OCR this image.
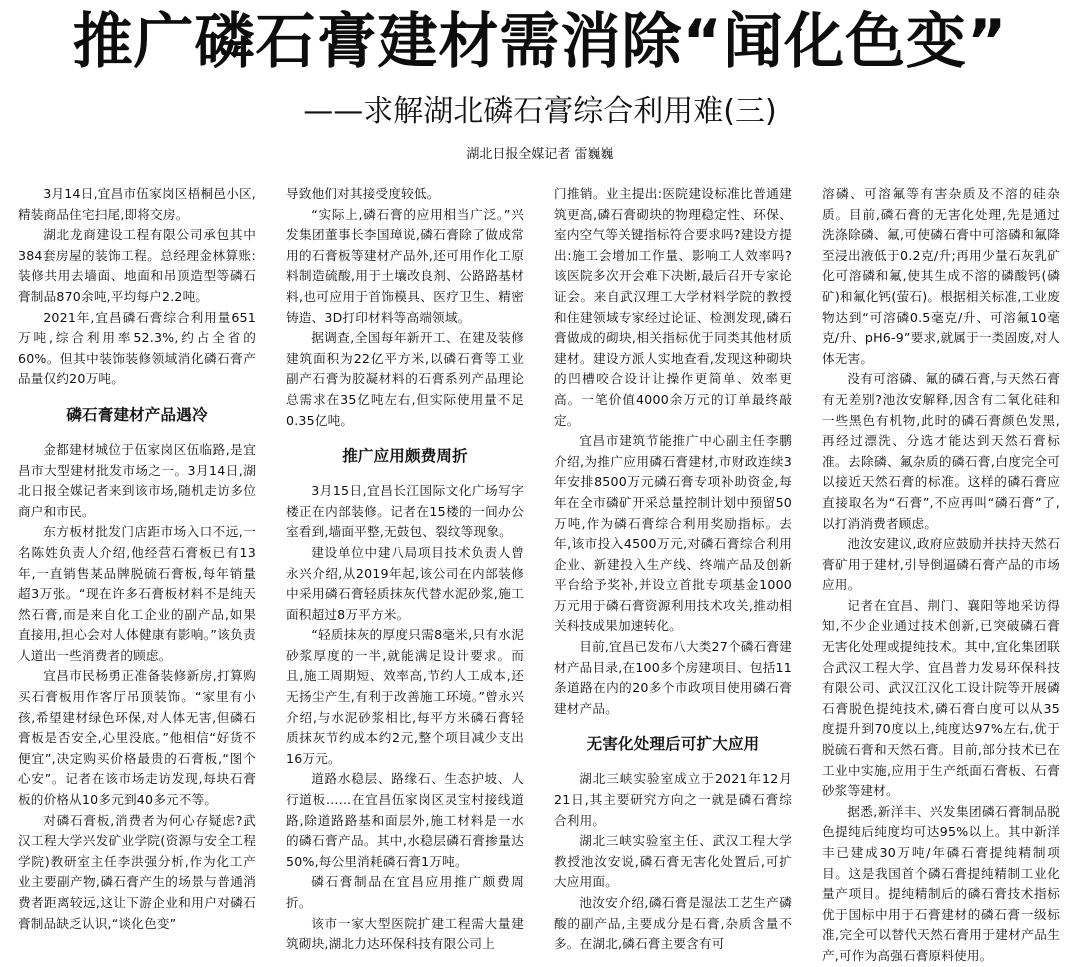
推广磷石膏建材需消除“闻化色变”
——求解湖北磷石膏综合利用难(三)
湖北日报全媒记者 雷巍巍

3月14日,宜昌市伍家岗区梧桐邑小区,精装商品住宅扫尾,即将交房。

湖北龙商建设工程有限公司承包其中384套房屋的装饰工程。总经理金林算账:装修共用去墙面、地面和吊顶造型等磷石膏制品870余吨,平均每户2.2吨。

2021年,宜昌磷石膏综合利用量651万吨,综合利用率52.3%,约占全省的60%。但其中装饰装修领域消化磷石膏产品量仅约20万吨。

磷石膏建材产品遇冷

金都建材城位于伍家岗区伍临路,是宜昌市大型建材批发市场之一。3月14日,湖北日报全媒记者来到该市场,随机走访多位商户和市民。

东方板材批发门店距市场入口不远,一名陈姓负责人介绍,他经营石膏板已有13年,一直销售某品牌脱硫石膏板,每年销量超3万张。“现在许多石膏板材料不是纯天然石膏,而是来自化工企业的副产品,如果直接用,担心会对人体健康有影响。”该负责人道出一些消费者的顾虑。

宜昌市民杨勇正准备装修新房,打算购买石膏板用作客厅吊顶装饰。“家里有小孩,希望建材绿色环保,对人体无害,但磷石膏板是否安全,心里没底。”他相信“好货不便宜”,决定购买价格最贵的石膏板,“图个心安”。记者在该市场走访发现,每块石膏板的价格从10多元到40多元不等。

对磷石膏板,消费者为何心存疑虑?武汉工程大学兴发矿业学院(资源与安全工程学院)教研室主任李洪强分析,作为化工产业主要副产物,磷石膏产生的场景与普通消费者距离较远,这让下游企业和用户对磷石膏制品缺乏认识,“谈化色变”

导致他们对其接受度较低。

“实际上,磷石膏的应用相当广泛。”兴发集团董事长李国璋说,磷石膏除了做成常用的石膏板等建材产品外,还可用作化工原料制造硫酸,用于土壤改良剂、公路路基材料,也可应用于首饰模具、医疗卫生、精密铸造、3D打印材料等高端领域。

据调查,全国每年新开工、在建及装修建筑面积为22亿平方米,以磷石膏等工业副产石膏为胶凝材料的石膏系列产品理论总需求在35亿吨左右,但实际使用量不足0.35亿吨。

推广应用颇费周折

3月15日,宜昌长江国际文化广场写字楼正在内部装修。记者在15楼的一间办公室看到,墙面平整,无鼓包、裂纹等现象。

建设单位中建八局项目技术负责人曾永兴介绍,从2019年起,该公司在内部装修中采用磷石膏轻质抹灰代替水泥砂浆,施工面积超过8万平方米。

“轻质抹灰的厚度只需8毫米,只有水泥砂浆厚度的一半,就能满足设计要求。而且,施工周期短、效率高,节约人工成本,还无扬尘产生,有利于改善施工环境。”曾永兴介绍,与水泥砂浆相比,每平方米磷石膏轻质抹灰节约成本约2元,整个项目减少支出16万元。

道路水稳层、路缘石、生态护坡、人行道板……在宜昌伍家岗区灵宝村接线道路,除道路路基和面层外,施工材料是一水的磷石膏产品。其中,水稳层磷石膏掺量达50%,每公里消耗磷石膏1万吨。

磷石膏制品在宜昌应用推广颇费周折。

该市一家大型医院扩建工程需大量建筑砌块,湖北力达环保科技有限公司上

门推销。业主提出:医院建设标准比普通建筑更高,磷石膏砌块的物理稳定性、环保、室内空气等关键指标符合要求吗?建设方提出:施工会增加工作量、影响工人效率吗?该医院多次开会难下决断,最后召开专家论证会。来自武汉理工大学材料学院的教授和住建领域专家经过论证、检测发现,磷石膏做成的砌块,相关指标优于同类其他材质建材。建设方派人实地查看,发现这种砌块的凹槽咬合设计让操作更简单、效率更高。一笔价值4000余万元的订单最终敲定。

宜昌市建筑节能推广中心副主任李鹏介绍,为推广应用磷石膏建材,市财政连续3年安排8500万元磷石膏专项补助资金,每年在全市磷矿开采总量控制计划中预留50万吨,作为磷石膏综合利用奖励指标。去年,该市投入4500万元,对磷石膏综合利用企业、新建投入生产线、终端产品及创新平台给予奖补,并设立首批专项基金1000万元用于磷石膏资源利用技术攻关,推动相关科技成果加速转化。

目前,宜昌已发布八大类27个磷石膏建材产品目录,在100多个房建项目、包括11条道路在内的20多个市政项目使用磷石膏建材产品。

无害化处理后可扩大应用

湖北三峡实验室成立于2021年12月21日,其主要研究方向之一就是磷石膏综合利用。

湖北三峡实验室主任、武汉工程大学教授池汝安说,磷石膏无害化处置后,可扩大应用面。

池汝安介绍,磷石膏是湿法工艺生产磷酸的副产品,主要成分是石膏,杂质含量不多。在湖北,磷石膏主要含有可

溶磷、可溶氟等有害杂质及不溶的硅杂质。目前,磷石膏的无害化处理,先是通过洗涤除磷、氟,可使磷石膏中可溶磷和氟降至浸出液低于0.2克/升;再用少量石灰乳矿化可溶磷和氟,使其生成不溶的磷酸钙(磷矿)和氟化钙(萤石)。根据相关标准,工业废物达到“可溶磷0.5毫克/升、可溶氟10毫克/升、pH6-9”要求,就属于一类固废,对人体无害。

没有可溶磷、氟的磷石膏,与天然石膏有无差别?池汝安解释,因含有二氧化硅和一些黑色有机物,此时的磷石膏颜色发黑,再经过漂洗、分选才能达到天然石膏标准。去除磷、氟杂质的磷石膏,白度完全可以接近天然石膏的标准。这样的磷石膏应直接取名为“石膏”,不应再叫“磷石膏”了,以打消消费者顾虑。

池汝安建议,政府应鼓励并扶持天然石膏矿用于建材,引导倒逼磷石膏产品的市场应用。

记者在宜昌、荆门、襄阳等地采访得知,不少企业通过技术创新,已突破磷石膏无害化处理或提纯技术。其中,宜化集团联合武汉工程大学、宜昌普力发易环保科技有限公司、武汉江汉化工设计院等开展磷石膏脱色提纯技术,磷石膏白度可以从35度提升到70度以上,纯度达97%左右,优于脱硫石膏和天然石膏。目前,部分技术已在工业中实施,应用于生产纸面石膏板、石膏砂浆等建材。

据悉,新洋丰、兴发集团磷石膏制品脱色提纯后纯度均可达95%以上。其中新洋丰已建成30万吨/年磷石膏提纯精制项目。这是我国首个磷石膏提纯精制工业化量产项目。提纯精制后的磷石膏技术指标优于国标中用于石膏建材的磷石膏一级标准,完全可以替代天然石膏用于建材产品生产,可作为高强石膏原料使用。
